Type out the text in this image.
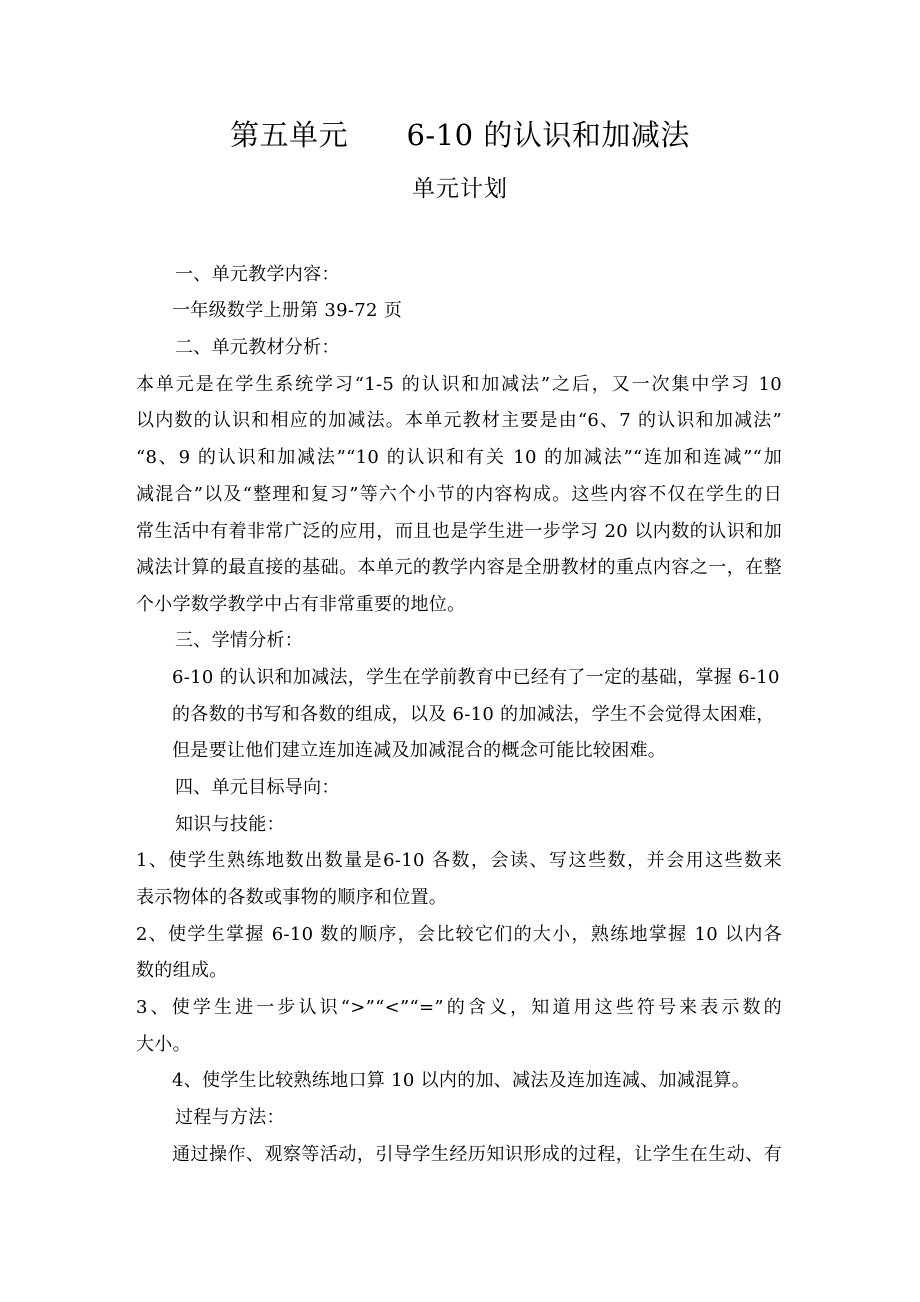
第五单元      6-10 的认识和加减法
单元计划
一、单元教学内容：
一年级数学上册第 39-72 页
二、单元教材分析：
本单元是在学生系统学习“1-5 的认识和加减法”之后，又一次集中学习 10
以内数的认识和相应的加减法。本单元教材主要是由“6、7 的认识和加减法”
“8、9 的认识和加减法”“10 的认识和有关 10 的加减法”“连加和连减”“加
减混合”以及“整理和复习”等六个小节的内容构成。这些内容不仅在学生的日
常生活中有着非常广泛的应用，而且也是学生进一步学习 20 以内数的认识和加
减法计算的最直接的基础。本单元的教学内容是全册教材的重点内容之一，在整
个小学数学教学中占有非常重要的地位。
三、学情分析：
6-10 的认识和加减法，学生在学前教育中已经有了一定的基础，掌握 6-10
的各数的书写和各数的组成，以及 6-10 的加减法，学生不会觉得太困难，
但是要让他们建立连加连减及加减混合的概念可能比较困难。
四、单元目标导向：
知识与技能：
1、使学生熟练地数出数量是6-10 各数，会读、写这些数，并会用这些数来
表示物体的各数或事物的顺序和位置。
2、使学生掌握 6-10 数的顺序，会比较它们的大小，熟练地掌握 10 以内各
数的组成。
3、使学生进一步认识“>”“<”“=”的含义，知道用这些符号来表示数的
大小。
4、使学生比较熟练地口算 10 以内的加、减法及连加连减、加减混算。
过程与方法：
通过操作、观察等活动，引导学生经历知识形成的过程，让学生在生动、有
